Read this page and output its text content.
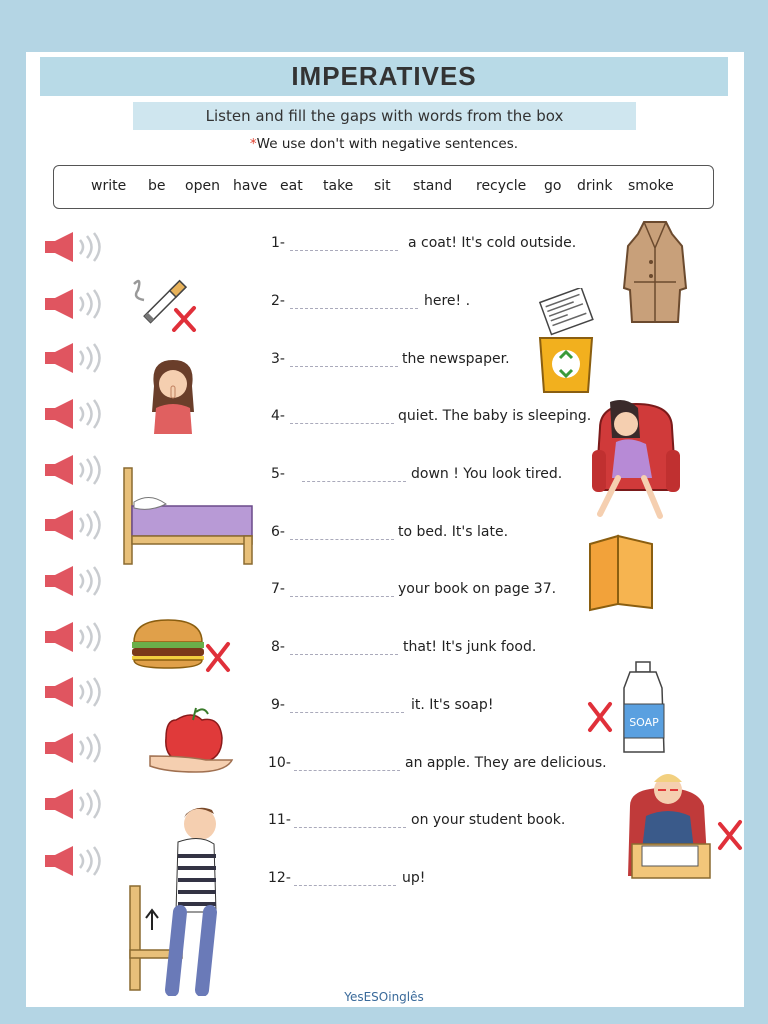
IMPERATIVES
Listen and fill the gaps with words from the box
*We use don't with negative sentences.
write be open have eat take sit stand recycle go drink smoke
1-	a coat! It's cold outside.
2-	here! .
3-	the newspaper.
4-	quiet. The baby is sleeping.
5-	down ! You look tired.
6-	to bed. It's late.
7-	your book on page 37.
8-	that! It's junk food.
9-	it. It's soap!
10-	an apple. They are delicious.
11-	on your student book.
12-	up!
SOAP
YesESOinglês
